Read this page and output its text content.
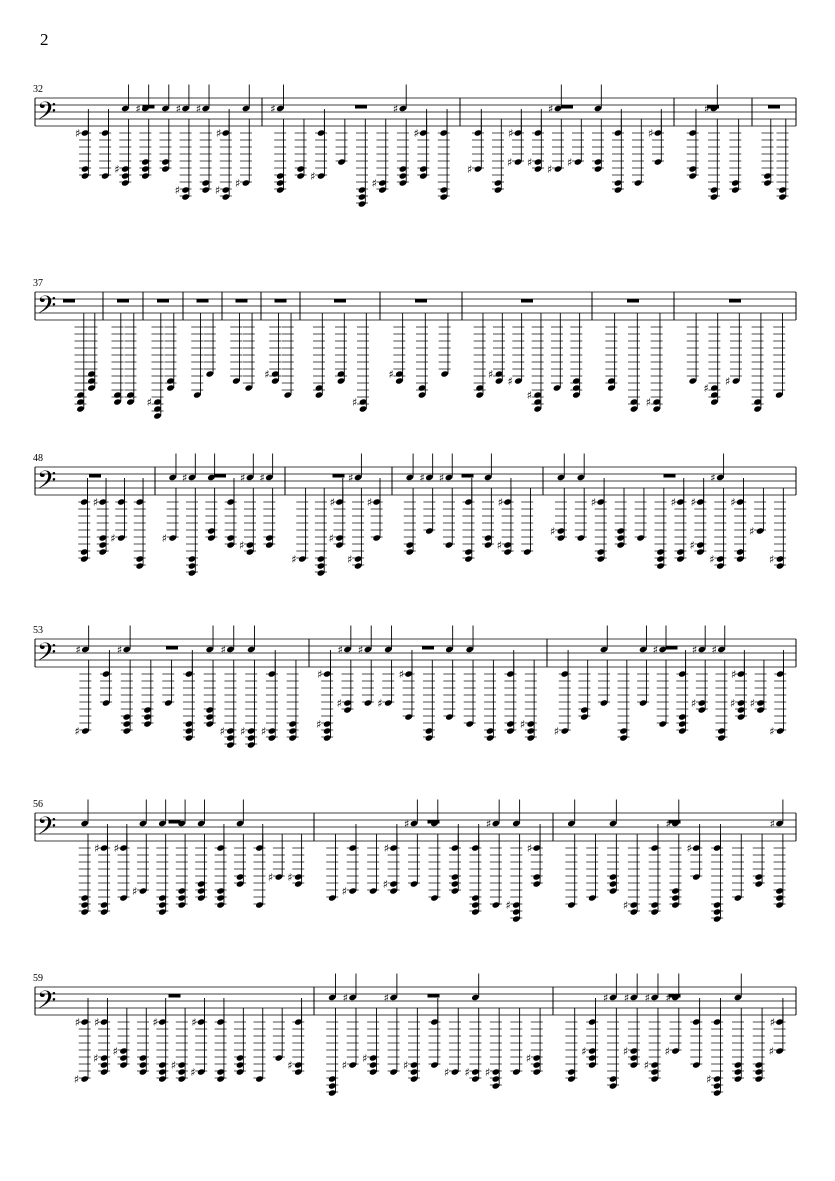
2
32
𝄢
♯
♯
♯	♯
♯
♯
♯
♯
♯
♯
♯
♯
♯
♯
♯
♯
♯ ♯
♯
♯
♯
♯
♯
37
𝄢
♯
♯
♯
♯	♯
♯
♯
♯
♯
♯
48
𝄢
♯
♯	♯
♯	♯
♯
♯
♯
♯
♯
♯
♯
♯
♯ ♯
♯
♯
♯
♯	♯ ♯
♯
♯
♯
♯
♯
♯
53
𝄢 ♯
♯
♯	♯
♯ ♯ ♯
♯
♯
♯
♯
♯
♯
♯
♯
♯
♯	♯
♯
♯
♯
♯ ♯
♯
56
𝄢
♯ ♯
♯
♯ ♯
♯
♯
♯
♯	♯
♯
♯
♯
♯
♯
♯
59
𝄢
♯
♯
♯
♯
♯
♯
♯
♯
♯
♯
♯
♯
♯
♯
♯
♯ ♯ ♯
♯
♯
♯ ♯
♯
♯
♯
♯
♯
♯
♯
♯
